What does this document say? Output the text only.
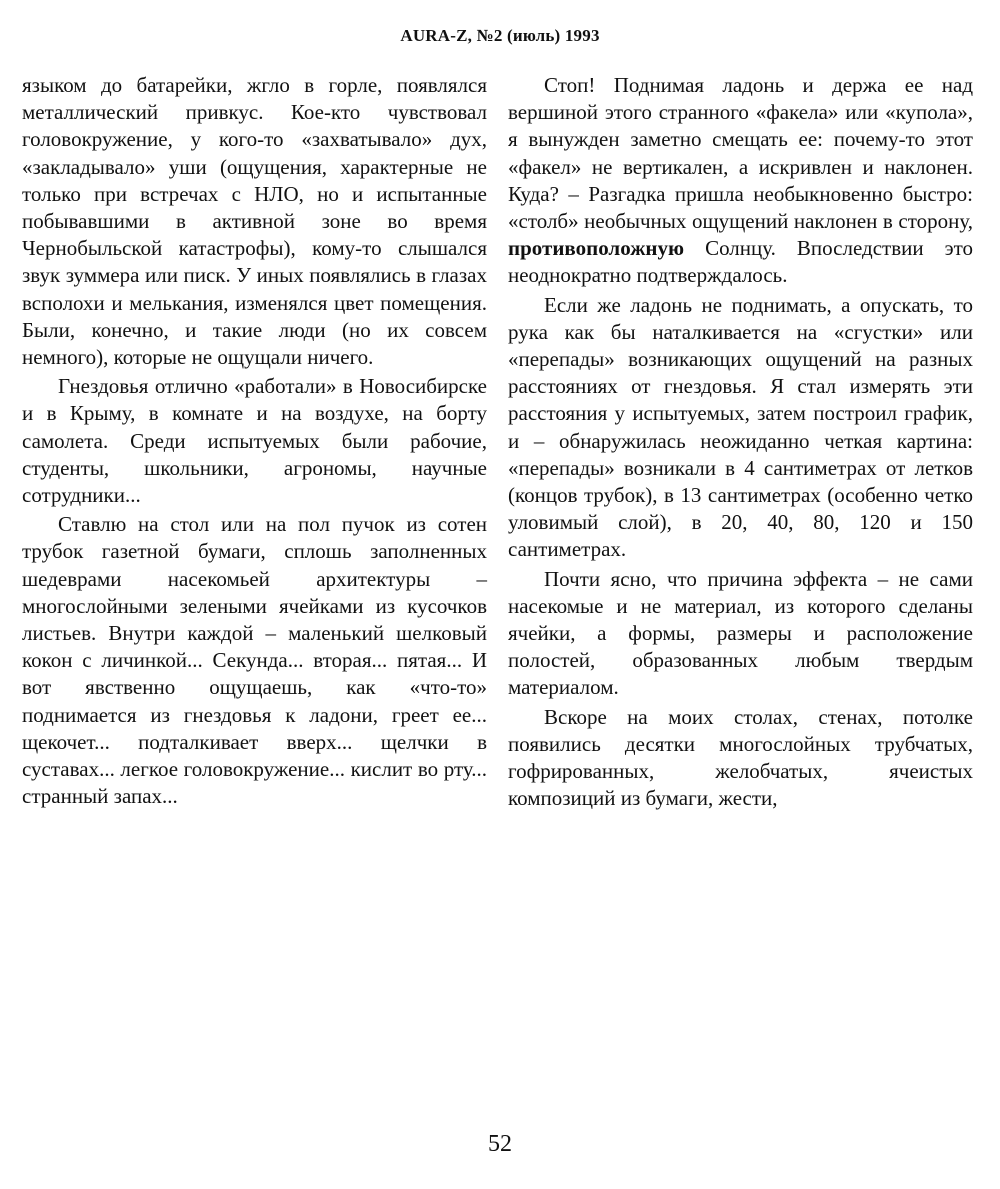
AURA-Z, №2 (июль) 1993

языком до батарейки, жгло в горле, появлялся металлический привкус. Кое-кто чувствовал головокружение, у кого-то «захватывало» дух, «закладывало» уши (ощущения, характерные не только при встречах с НЛО, но и испытанные побывавшими в активной зоне во время Чернобыльской катастрофы), кому-то слышался звук зуммера или писк. У иных появлялись в глазах всполохи и мелькания, изменялся цвет помещения. Были, конечно, и такие люди (но их совсем немного), которые не ощущали ничего.

Гнездовья отлично «работали» в Новосибирске и в Крыму, в комнате и на воздухе, на борту самолета. Среди испытуемых были рабочие, студенты, школьники, агрономы, научные сотрудники...

Ставлю на стол или на пол пучок из сотен трубок газетной бумаги, сплошь заполненных шедеврами насекомьей архитектуры – многослойными зелеными ячейками из кусочков листьев. Внутри каждой – маленький шелковый кокон с личинкой... Секунда... вторая... пятая... И вот явственно ощущаешь, как «что-то» поднимается из гнездовья к ладони, греет ее... щекочет... подталкивает вверх... щелчки в суставах... легкое головокружение... кислит во рту... странный запах...

Стоп! Поднимая ладонь и держа ее над вершиной этого странного «факела» или «купола», я вынужден заметно смещать ее: почему-то этот «факел» не вертикален, а искривлен и наклонен. Куда? – Разгадка пришла необыкновенно быстро: «столб» необычных ощущений наклонен в сторону, противоположную Солнцу. Впоследствии это неоднократно подтверждалось.

Если же ладонь не поднимать, а опускать, то рука как бы наталкивается на «сгустки» или «перепады» возникающих ощущений на разных расстояниях от гнездовья. Я стал измерять эти расстояния у испытуемых, затем построил график, и – обнаружилась неожиданно четкая картина: «перепады» возникали в 4 сантиметрах от летков (концов трубок), в 13 сантиметрах (особенно четко уловимый слой), в 20, 40, 80, 120 и 150 сантиметрах.

Почти ясно, что причина эффекта – не сами насекомые и не материал, из которого сделаны ячейки, а формы, размеры и расположение полостей, образованных любым твердым материалом.

Вскоре на моих столах, стенах, потолке появились десятки многослойных трубчатых, гофрированных, желобчатых, ячеистых композиций из бумаги, жести,

52
